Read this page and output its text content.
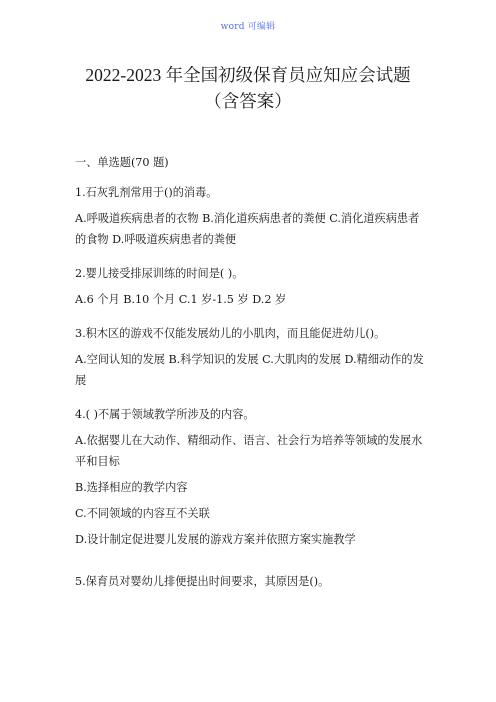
word 可编辑
2022-2023 年全国初级保育员应知应会试题
（含答案）
一、单选题(70 题)
1.石灰乳剂常用于()的消毒。
A.呼吸道疾病患者的衣物 B.消化道疾病患者的粪便 C.消化道疾病患者的食物 D.呼吸道疾病患者的粪便
2.婴儿接受排尿训练的时间是( )。
A.6 个月 B.10 个月 C.1 岁-1.5 岁 D.2 岁
3.积木区的游戏不仅能发展幼儿的小肌肉，而且能促进幼儿()。
A.空间认知的发展 B.科学知识的发展 C.大肌肉的发展 D.精细动作的发展
4.( )不属于领域教学所涉及的内容。
A.依据婴儿在大动作、精细动作、语言、社会行为培养等领域的发展水平和目标
B.选择相应的教学内容
C.不同领域的内容互不关联
D.设计制定促进婴儿发展的游戏方案并依照方案实施教学
5.保育员对婴幼儿排便提出时间要求，其原因是()。
